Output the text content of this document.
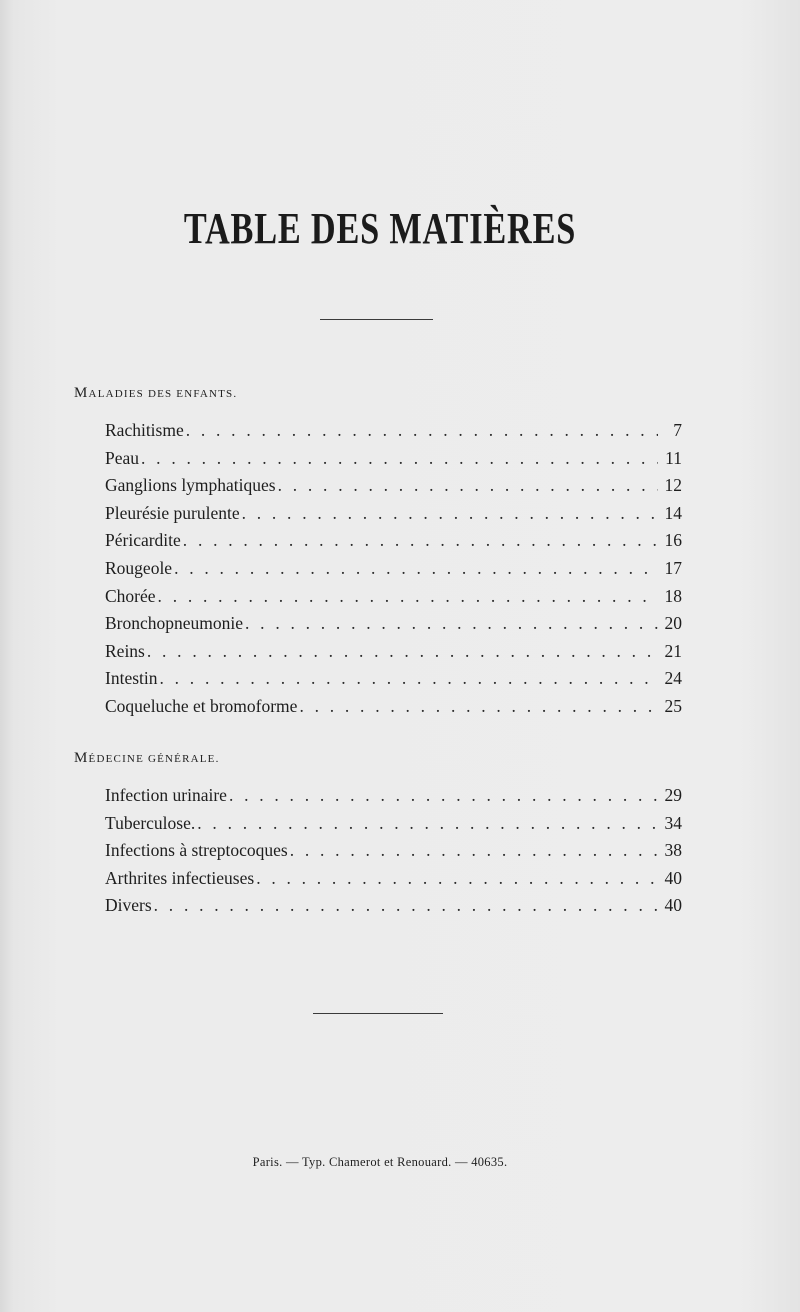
TABLE DES MATIÈRES
MALADIES DES ENFANTS.
Rachitisme . . .	7
Peau . . .	11
Ganglions lymphatiques . . .	12
Pleurésie purulente . . .	14
Péricardite . . .	16
Rougeole . . .	17
Chorée . . .	18
Bronchopneumonie . . .	20
Reins . . .	21
Intestin . . .	24
Coqueluche et bromoforme . . .	25
MÉDECINE GÉNÉRALE.
Infection urinaire . . .	29
Tuberculose. . . .	34
Infections à streptocoques . . .	38
Arthrites infectieuses . . .	40
Divers . . .	40
Paris. — Typ. Chamerot et Renouard. — 40635.
